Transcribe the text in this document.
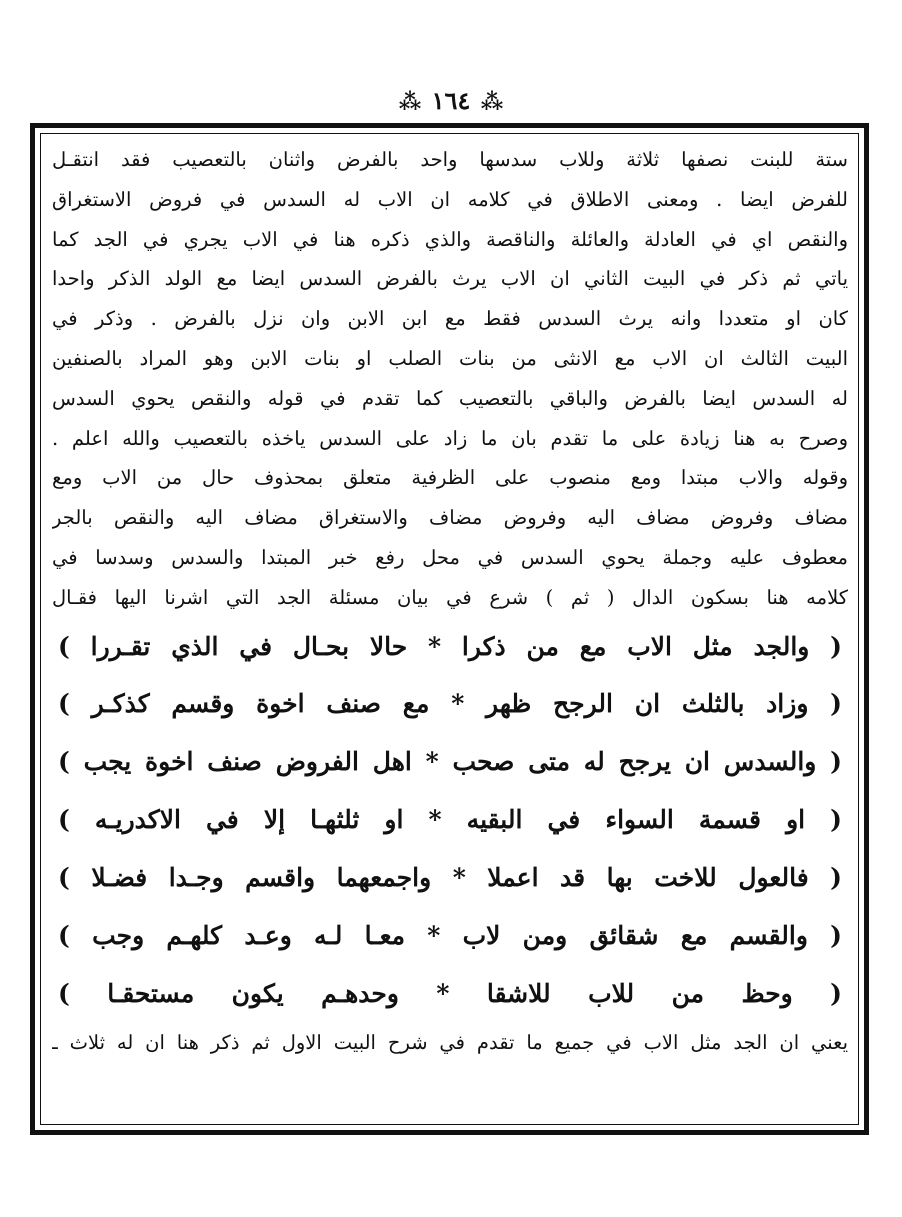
⁂ ١٦٤ ⁂
ستة للبنت نصفها ثلاثة وللاب سدسها واحد بالفرض واثنان بالتعصيب فقد انتقـل
للفرض ايضا . ومعنى الاطلاق في كلامه ان الاب له السدس في فروض الاستغراق
والنقص اي في العادلة والعائلة والناقصة والذي ذكره هنا في الاب يجري في الجد كما
ياتي ثم ذكر في البيت الثاني ان الاب يرث بالفرض السدس ايضا مع الولد الذكر واحدا
كان او متعددا وانه يرث السدس فقط مع ابن الابن وان نزل بالفرض . وذكر في
البيت الثالث ان الاب مع الانثى من بنات الصلب او بنات الابن وهو المراد بالصنفين
له السدس ايضا بالفرض والباقي بالتعصيب كما تقدم في قوله والنقص يحوي السدس
وصرح به هنا زيادة على ما تقدم بان ما زاد على السدس ياخذه بالتعصيب والله اعلم .
وقوله والاب مبتدا ومع منصوب على الظرفية متعلق بمحذوف حال من الاب ومع
مضاف وفروض مضاف اليه وفروض مضاف والاستغراق مضاف اليه والنقص بالجر
معطوف عليه وجملة يحوي السدس في محل رفع خبر المبتدا والسدس وسدسا في
كلامه هنا بسكون الدال ( ثم ) شرع في بيان مسئلة الجد التي اشرنا اليها فقـال
( والجد مثل الاب مع من ذكرا * حالا بحـال في الذي تقـررا )
( وزاد بالثلث ان الرجح ظهر * مع صنف اخوة وقسم كذكـر )
( والسدس ان يرجح له متى صحب * اهل الفروض صنف اخوة يجب )
( او قسمة السواء في البقيه * او ثلثهـا إلا في الاكدريـه )
( فالعول للاخت بها قد اعملا * واجمعهما واقسم وجـدا فضـلا )
( والقسم مع شقائق ومن لاب * معـا لـه وعـد كلهـم وجب )
( وحظ من للاب للاشقا * وحدهـم يكون مستحقـا )
يعني ان الجد مثل الاب في جميع ما تقدم في شرح البيت الاول ثم ذكر هنا ان له ثلاث ـ
